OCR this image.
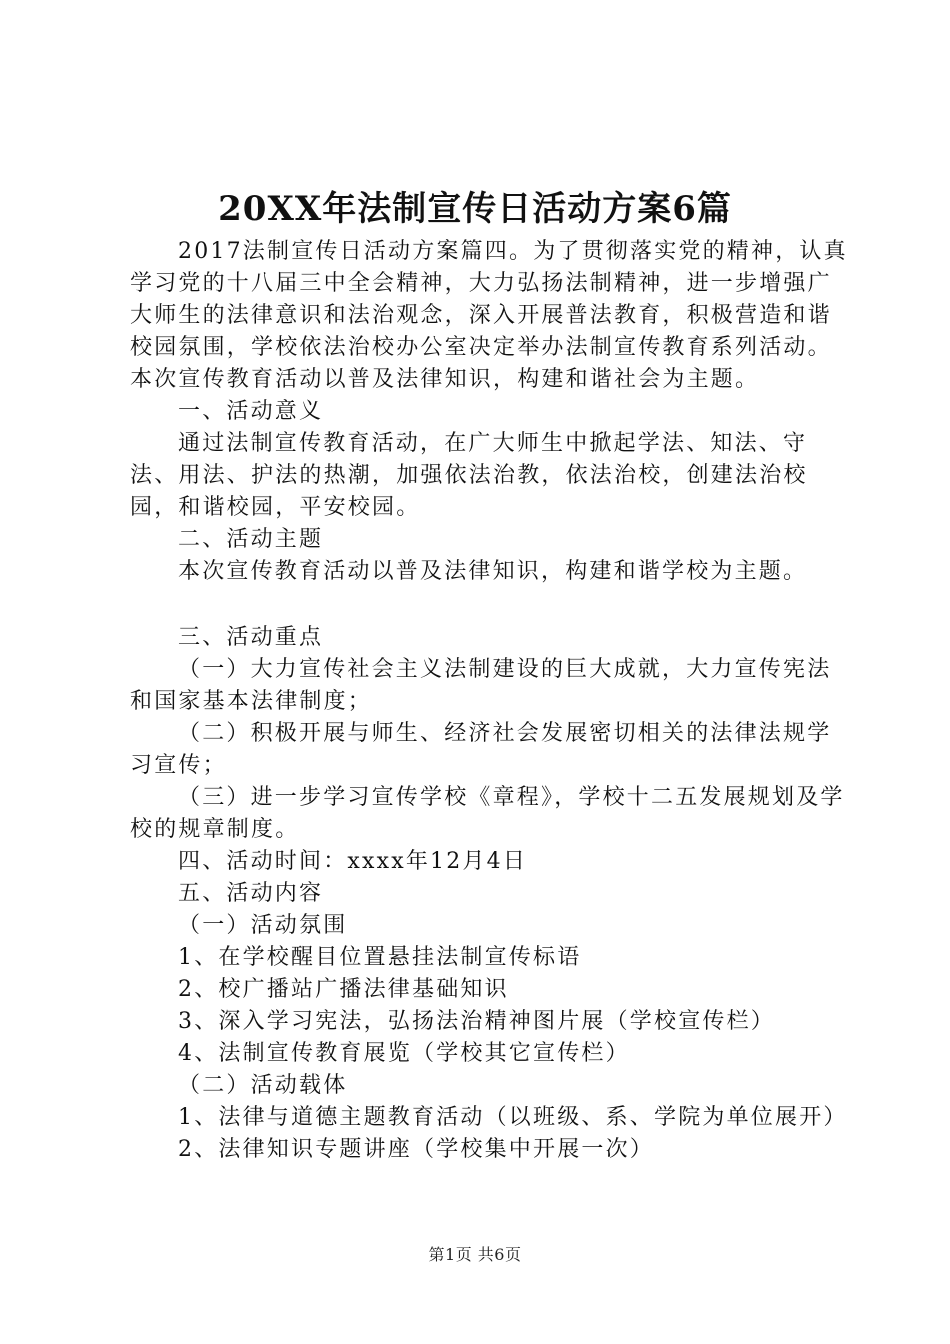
20XX年法制宣传日活动方案6篇

2017法制宣传日活动方案篇四。为了贯彻落实党的精神，认真学习党的十八届三中全会精神，大力弘扬法制精神，进一步增强广大师生的法律意识和法治观念，深入开展普法教育，积极营造和谐校园氛围，学校依法治校办公室决定举办法制宣传教育系列活动。本次宣传教育活动以普及法律知识，构建和谐社会为主题。

一、活动意义

通过法制宣传教育活动，在广大师生中掀起学法、知法、守法、用法、护法的热潮，加强依法治教，依法治校，创建法治校园，和谐校园，平安校园。

二、活动主题

本次宣传教育活动以普及法律知识，构建和谐学校为主题。

三、活动重点

（一）大力宣传社会主义法制建设的巨大成就，大力宣传宪法和国家基本法律制度；

（二）积极开展与师生、经济社会发展密切相关的法律法规学习宣传；

（三）进一步学习宣传学校《章程》，学校十二五发展规划及学校的规章制度。

四、活动时间：xxxx年12月4日

五、活动内容

（一）活动氛围

1、在学校醒目位置悬挂法制宣传标语

2、校广播站广播法律基础知识

3、深入学习宪法，弘扬法治精神图片展（学校宣传栏）

4、法制宣传教育展览（学校其它宣传栏）

（二）活动载体

1、法律与道德主题教育活动（以班级、系、学院为单位展开）

2、法律知识专题讲座（学校集中开展一次）

第1页 共6页
